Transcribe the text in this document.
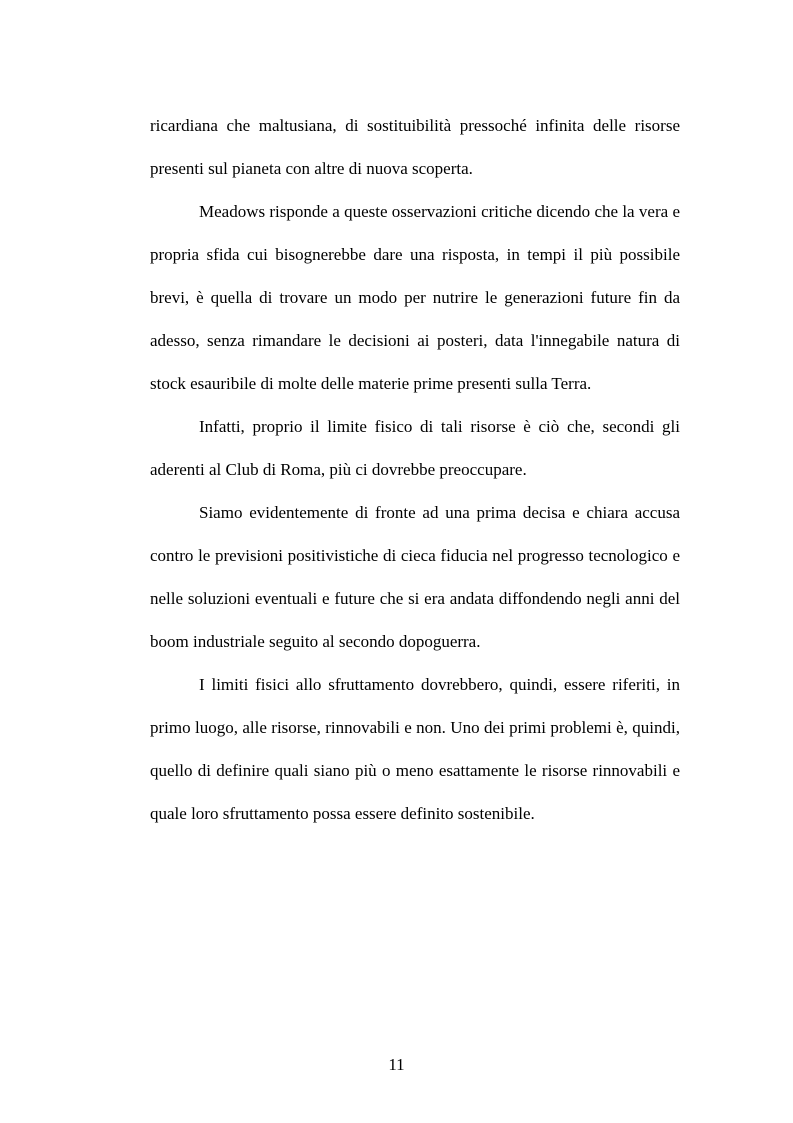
ricardiana che maltusiana, di sostituibilità pressoché infinita delle risorse presenti sul pianeta con altre di nuova scoperta.

Meadows risponde a queste osservazioni critiche dicendo che la vera e propria sfida cui bisognerebbe dare una risposta, in tempi il più possibile brevi, è quella di trovare un modo per nutrire le generazioni future fin da adesso, senza rimandare le decisioni ai posteri, data l'innegabile natura di stock esauribile di molte delle materie prime presenti sulla Terra.

Infatti, proprio il limite fisico di tali risorse è ciò che, secondi gli aderenti al Club di Roma, più ci dovrebbe preoccupare.

Siamo evidentemente di fronte ad una prima decisa e chiara accusa contro le previsioni positivistiche di cieca fiducia nel progresso tecnologico e nelle soluzioni eventuali e future che si era andata diffondendo negli anni del boom industriale seguito al secondo dopoguerra.

I limiti fisici allo sfruttamento dovrebbero, quindi, essere riferiti, in primo luogo, alle risorse, rinnovabili e non. Uno dei primi problemi è, quindi, quello di definire quali siano più o meno esattamente le risorse rinnovabili e quale loro sfruttamento possa essere definito sostenibile.

11
